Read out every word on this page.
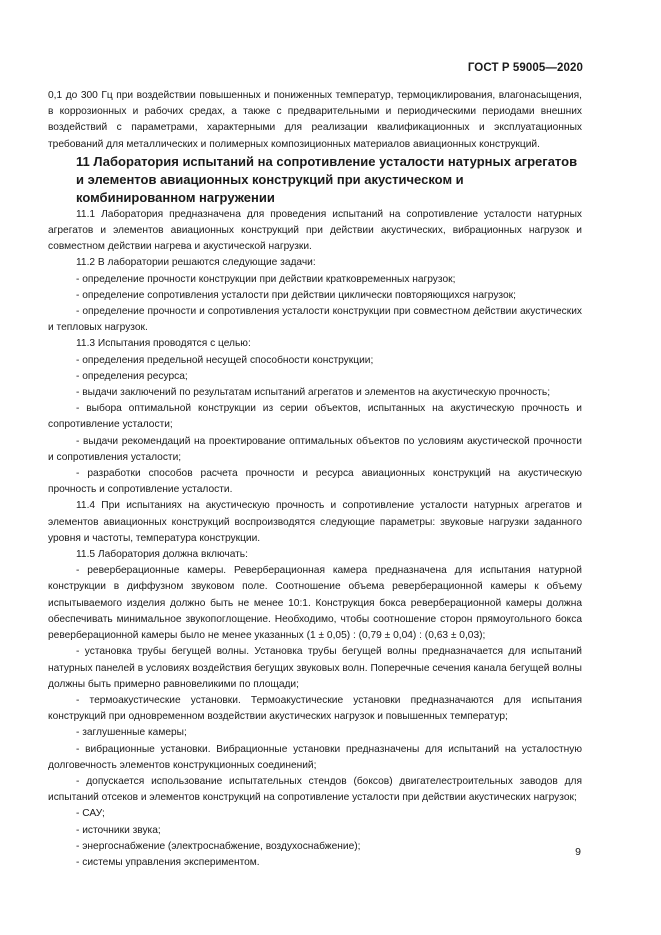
ГОСТ Р 59005—2020

0,1 до 300 Гц при воздействии повышенных и пониженных температур, термоциклирования, влагонасыщения, в коррозионных и рабочих средах, а также с предварительными и периодическими периодами внешних воздействий с параметрами, характерными для реализации квалификационных и эксплуатационных требований для металлических и полимерных композиционных материалов авиационных конструкций.

11 Лаборатория испытаний на сопротивление усталости натурных агрегатов и элементов авиационных конструкций при акустическом и комбинированном нагружении

11.1 Лаборатория предназначена для проведения испытаний на сопротивление усталости натурных агрегатов и элементов авиационных конструкций при действии акустических, вибрационных нагрузок и совместном действии нагрева и акустической нагрузки.

11.2 В лаборатории решаются следующие задачи:

- определение прочности конструкции при действии кратковременных нагрузок;

- определение сопротивления усталости при действии циклически повторяющихся нагрузок;

- определение прочности и сопротивления усталости конструкции при совместном действии акустических и тепловых нагрузок.

11.3 Испытания проводятся с целью:

- определения предельной несущей способности конструкции;

- определения ресурса;

- выдачи заключений по результатам испытаний агрегатов и элементов на акустическую прочность;

- выбора оптимальной конструкции из серии объектов, испытанных на акустическую прочность и сопротивление усталости;

- выдачи рекомендаций на проектирование оптимальных объектов по условиям акустической прочности и сопротивления усталости;

- разработки способов расчета прочности и ресурса авиационных конструкций на акустическую прочность и сопротивление усталости.

11.4 При испытаниях на акустическую прочность и сопротивление усталости натурных агрегатов и элементов авиационных конструкций воспроизводятся следующие параметры: звуковые нагрузки заданного уровня и частоты, температура конструкции.

11.5 Лаборатория должна включать:

- реверберационные камеры. Реверберационная камера предназначена для испытания натурной конструкции в диффузном звуковом поле. Соотношение объема реверберационной камеры к объему испытываемого изделия должно быть не менее 10:1. Конструкция бокса реверберационной камеры должна обеспечивать минимальное звукопоглощение. Необходимо, чтобы соотношение сторон прямоугольного бокса реверберационной камеры было не менее указанных (1 ± 0,05) : (0,79 ± 0,04) : (0,63 ± 0,03);

- установка трубы бегущей волны. Установка трубы бегущей волны предназначается для испытаний натурных панелей в условиях воздействия бегущих звуковых волн. Поперечные сечения канала бегущей волны должны быть примерно равновеликими по площади;

- термоакустические установки. Термоакустические установки предназначаются для испытания конструкций при одновременном воздействии акустических нагрузок и повышенных температур;

- заглушенные камеры;

- вибрационные установки. Вибрационные установки предназначены для испытаний на усталостную долговечность элементов конструкционных соединений;

- допускается использование испытательных стендов (боксов) двигателестроительных заводов для испытаний отсеков и элементов конструкций на сопротивление усталости при действии акустических нагрузок;

- САУ;

- источники звука;

- энергоснабжение (электроснабжение, воздухоснабжение);

- системы управления экспериментом.

9
